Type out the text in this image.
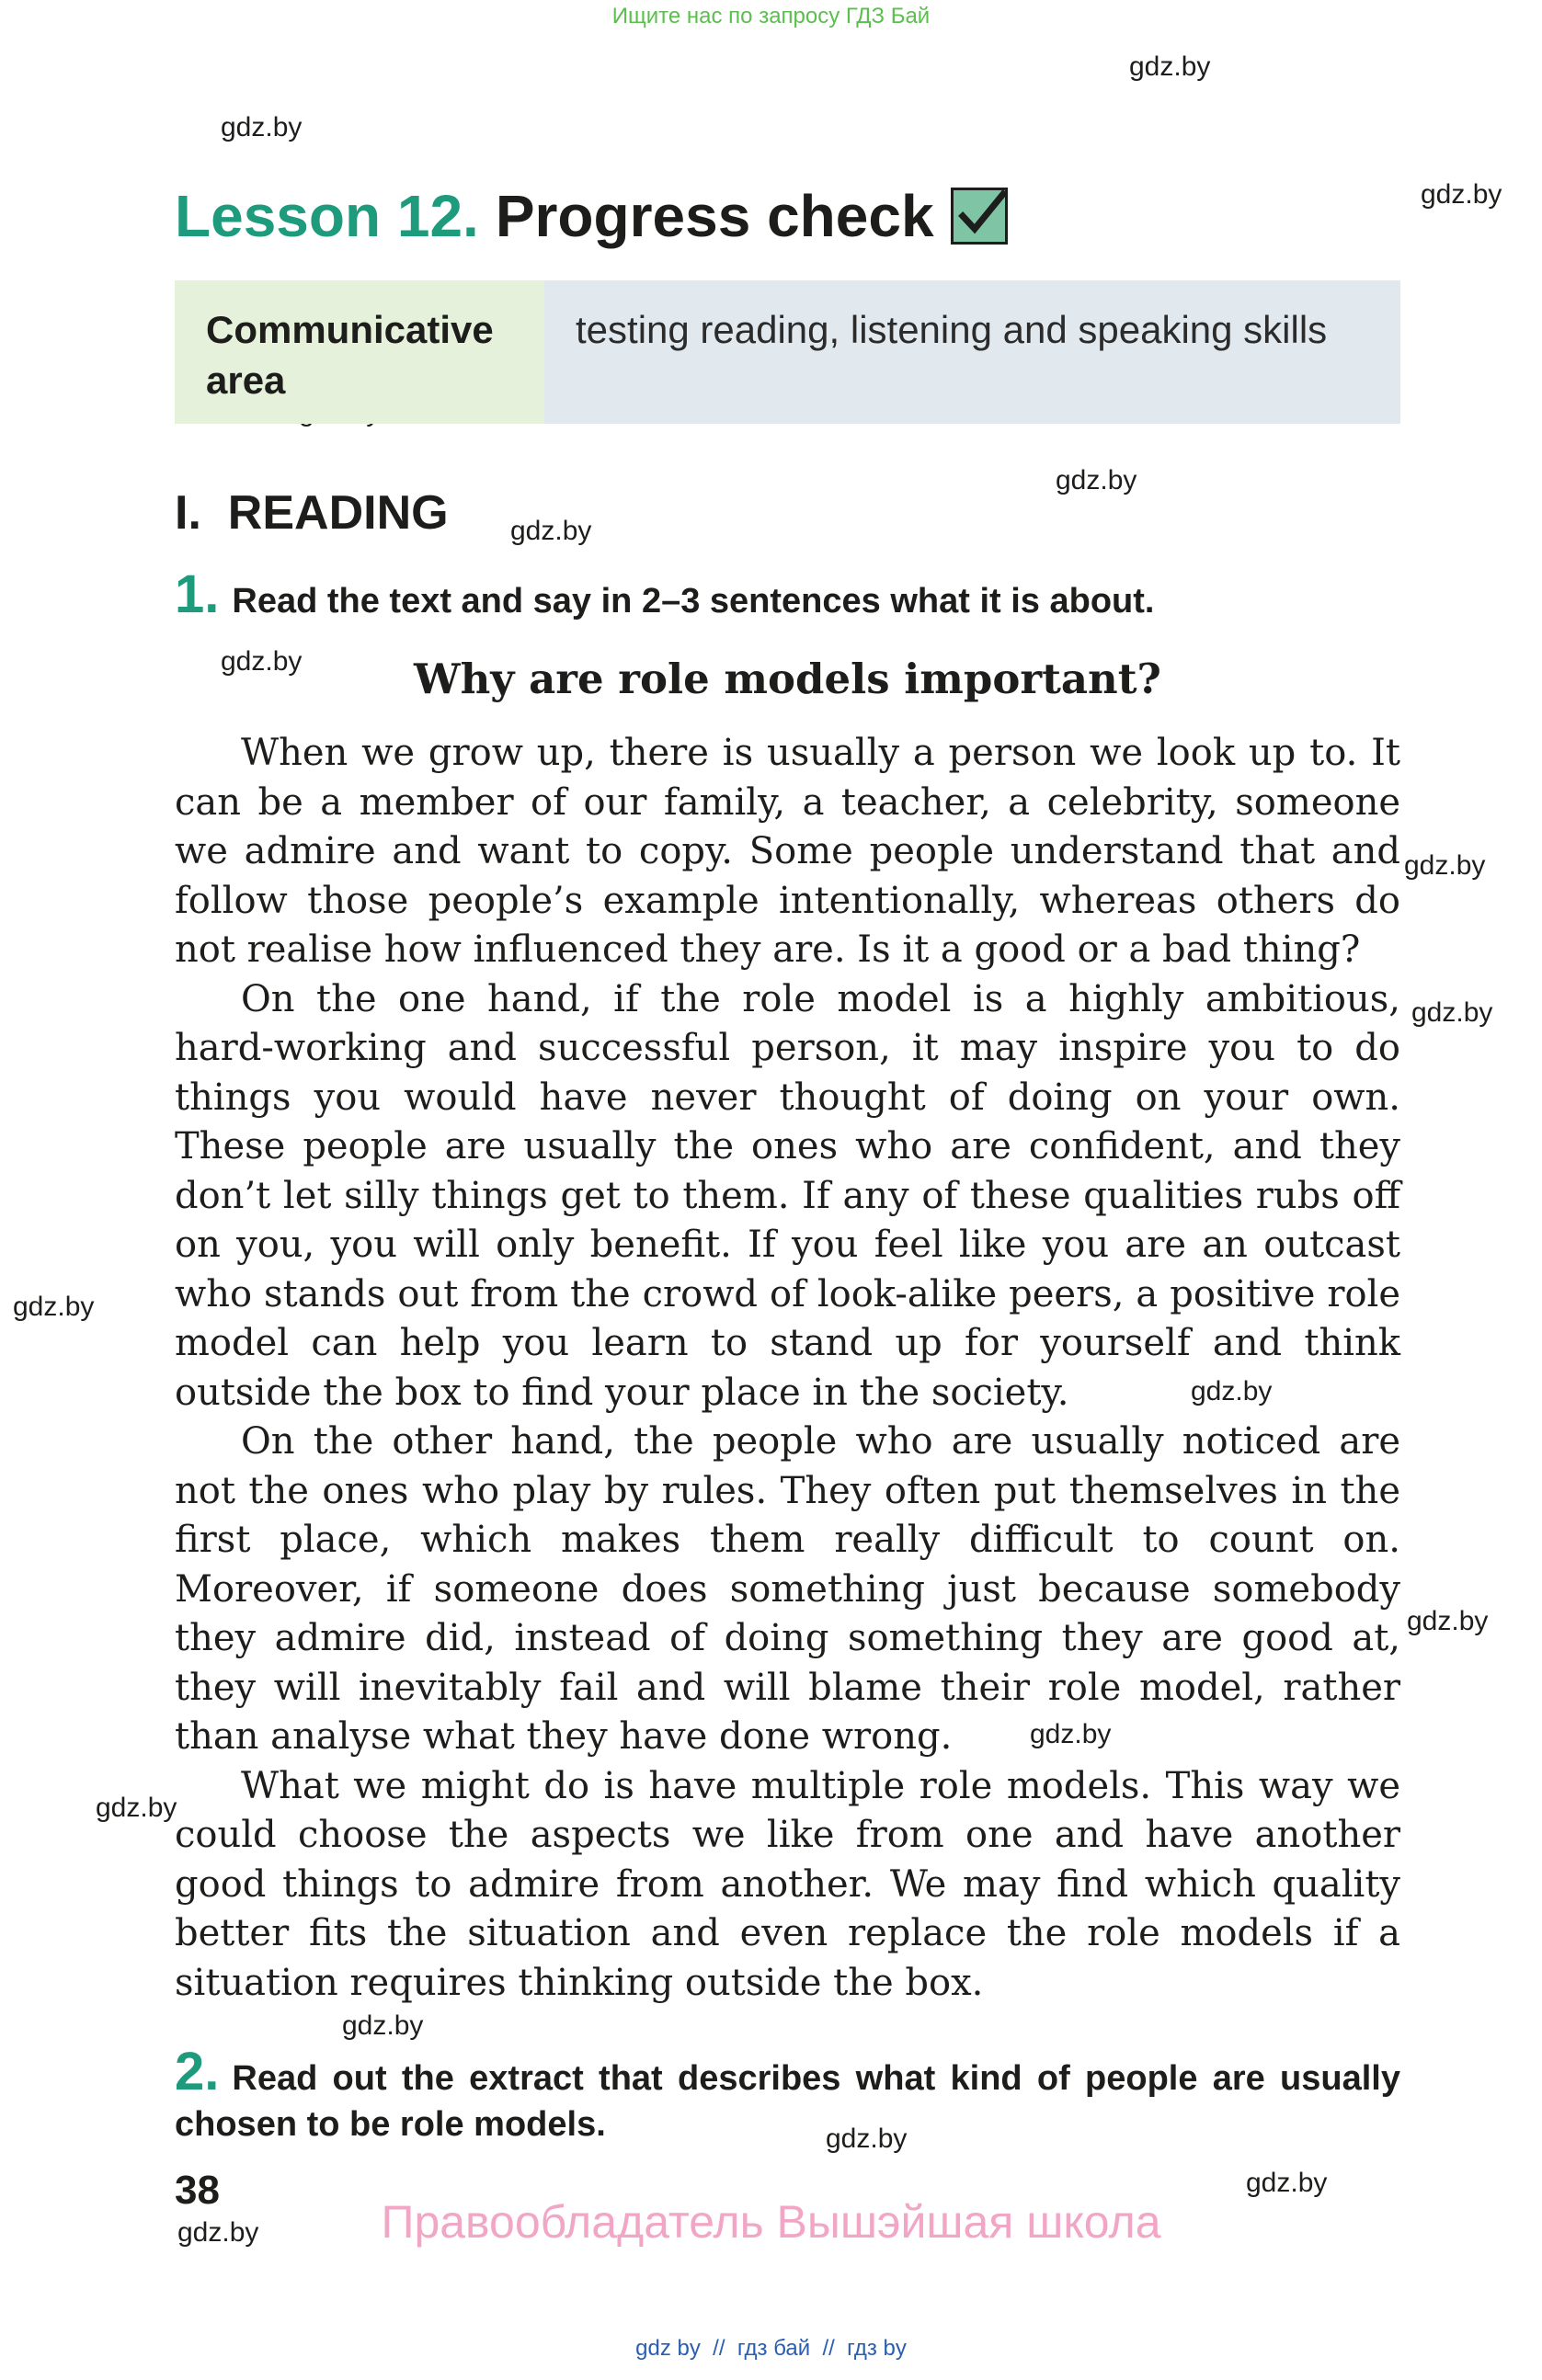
Ищите нас по запросу ГДЗ Бай
gdz.by
gdz.by
gdz.by
gdz.by
gdz.by
gdz.by
gdz.by
gdz.by
gdz.by
gdz.by
gdz.by
gdz.by
gdz.by
gdz.by
gdz.by
gdz.by
gdz.by
Lesson 12. Progress check
Communicative area
testing reading, listening and speaking skills
I.  READING
1. Read the text and say in 2–3 sentences what it is about.
Why are role models important?

When we grow up, there is usually a person we look up to. It can be a member of our family, a teacher, a celebrity, someone we admire and want to copy. Some people understand that and follow those people’s example intentionally, whereas others do not realise how influenced they are. Is it a good or a bad thing?

On the one hand, if the role model is a highly ambitious, hard-working and successful person, it may inspire you to do things you would have never thought of doing on your own. These people are usually the ones who are confident, and they don’t let silly things get to them. If any of these qualities rubs off on you, you will only benefit. If you feel like you are an outcast who stands out from the crowd of look-alike peers, a positive role model can help you learn to stand up for yourself and think outside the box to find your place in the society.

On the other hand, the people who are usually noticed are not the ones who play by rules. They often put themselves in the first place, which makes them really difficult to count on. Moreover, if someone does something just because somebody they admire did, instead of doing something they are good at, they will inevitably fail and will blame their role model, rather than analyse what they have done wrong.

What we might do is have multiple role models. This way we could choose the aspects we like from one and have another good things to admire from another. We may find which quality better fits the situation and even replace the role models if a situation requires thinking outside the box.

2. Read out the extract that describes what kind of people are usually chosen to be role models.
38
Правообладатель Вышэйшая школа
gdz by  //  гдз бай  //  гдз by
